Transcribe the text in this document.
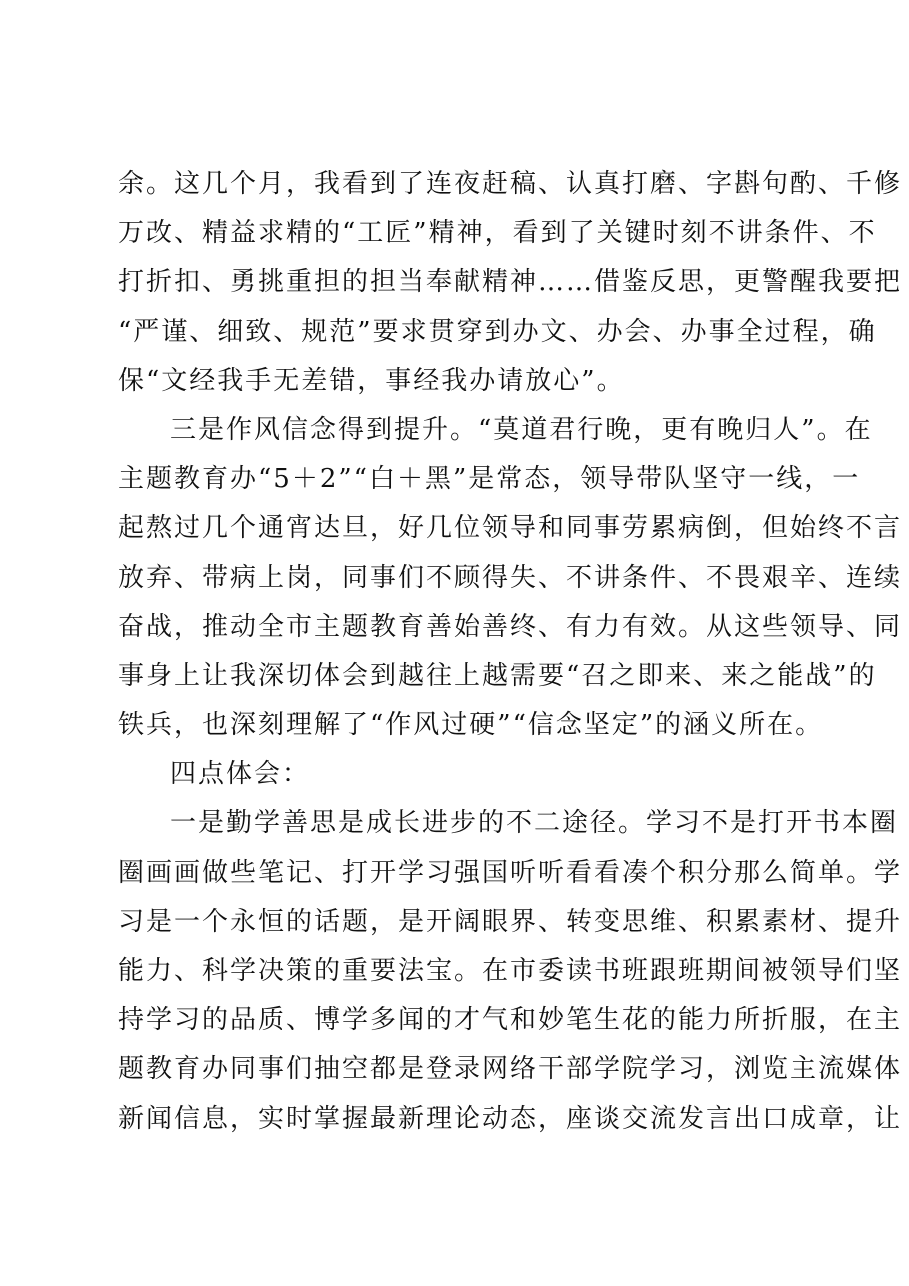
余。这几个月，我看到了连夜赶稿、认真打磨、字斟句酌、千修
万改、精益求精的“工匠”精神，看到了关键时刻不讲条件、不
打折扣、勇挑重担的担当奉献精神……借鉴反思，更警醒我要把
“严谨、细致、规范”要求贯穿到办文、办会、办事全过程，确
保“文经我手无差错，事经我办请放心”。
三是作风信念得到提升。“莫道君行晚，更有晚归人”。在
主题教育办“5＋2”“白＋黑”是常态，领导带队坚守一线，一
起熬过几个通宵达旦，好几位领导和同事劳累病倒，但始终不言
放弃、带病上岗，同事们不顾得失、不讲条件、不畏艰辛、连续
奋战，推动全市主题教育善始善终、有力有效。从这些领导、同
事身上让我深切体会到越往上越需要“召之即来、来之能战”的
铁兵，也深刻理解了“作风过硬”“信念坚定”的涵义所在。
四点体会：
一是勤学善思是成长进步的不二途径。学习不是打开书本圈
圈画画做些笔记、打开学习强国听听看看凑个积分那么简单。学
习是一个永恒的话题，是开阔眼界、转变思维、积累素材、提升
能力、科学决策的重要法宝。在市委读书班跟班期间被领导们坚
持学习的品质、博学多闻的才气和妙笔生花的能力所折服，在主
题教育办同事们抽空都是登录网络干部学院学习，浏览主流媒体
新闻信息，实时掌握最新理论动态，座谈交流发言出口成章，让
